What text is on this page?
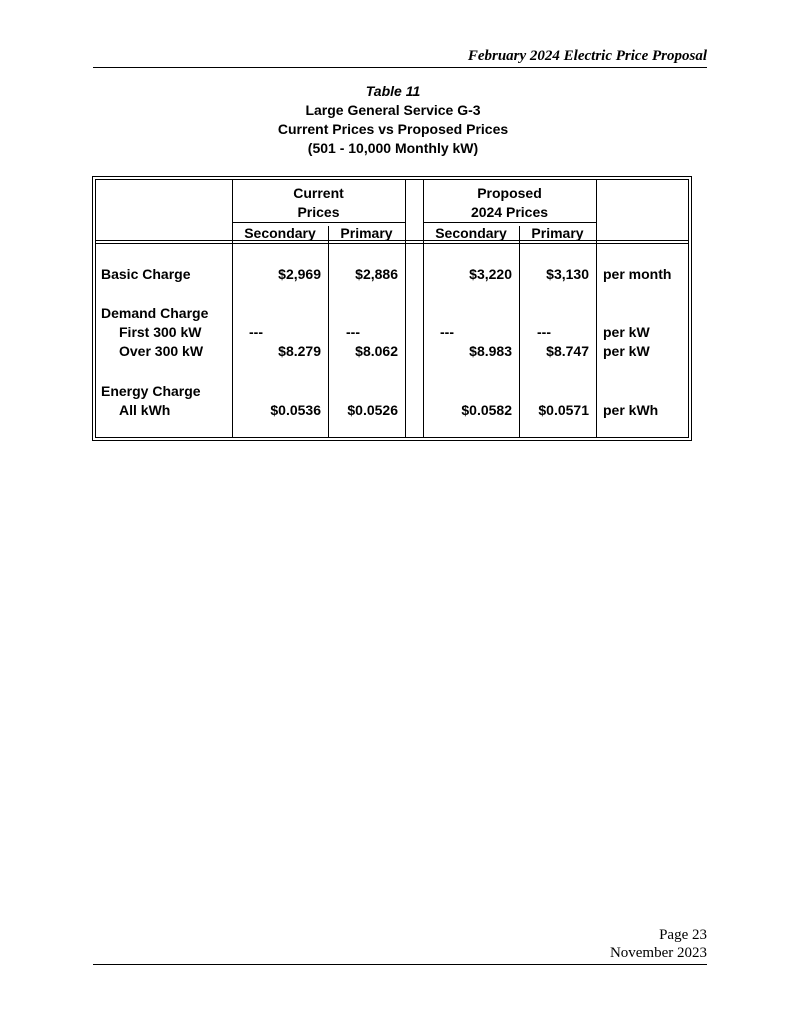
February 2024 Electric Price Proposal
Table 11
Large General Service G-3
Current Prices vs Proposed Prices
(501 - 10,000 Monthly kW)
Current
Prices
Proposed
2024 Prices
Secondary	Primary	Secondary	Primary
Basic Charge	$2,969	$2,886	$3,220	$3,130 per month
Demand Charge
First 300 kW	---	---	---	---	per kW
Over 300 kW	$8.279	$8.062	$8.983	$8.747 per kW
Energy Charge
All kWh	$0.0536	$0.0526	$0.0582	$0.0571 per kWh
Page 23
November 2023
